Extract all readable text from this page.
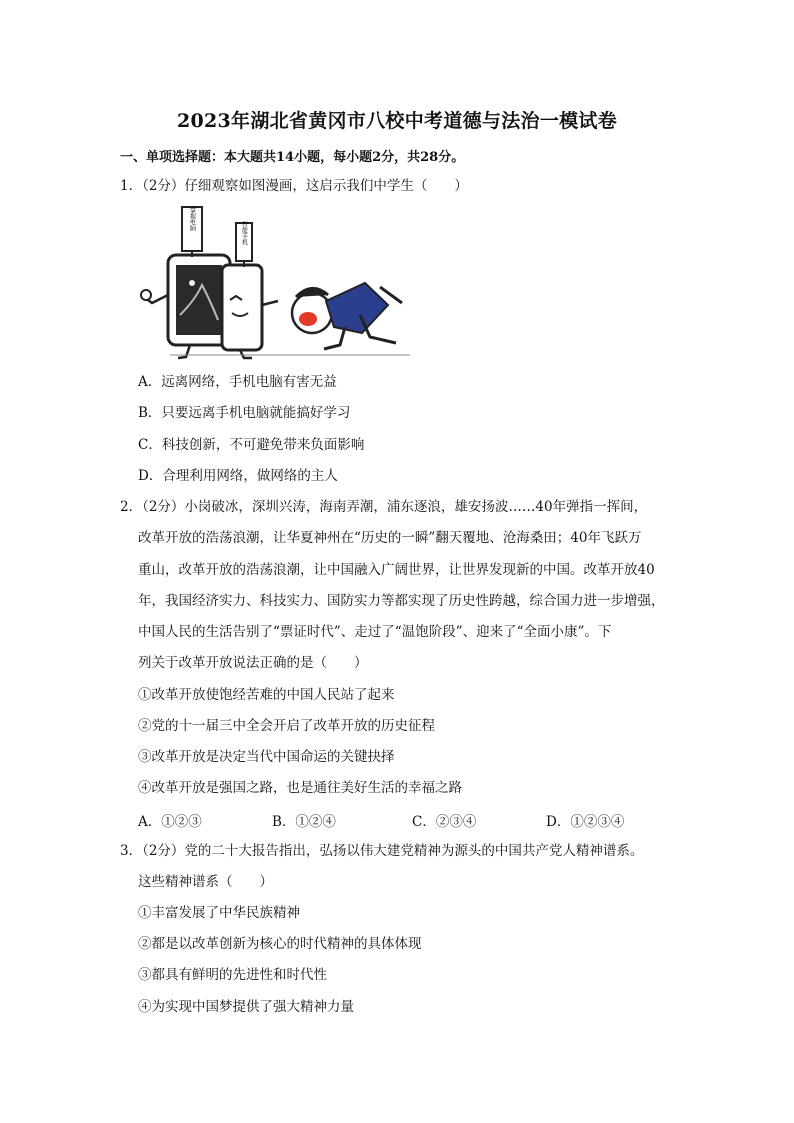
2023年湖北省黄冈市八校中考道德与法治一模试卷
一、单项选择题：本大题共14小题，每小题2分，共28分。
1．（2分）仔细观察如图漫画，这启示我们中学生（　　）
掌握电脑
智能手机
A．远离网络，手机电脑有害无益
B．只要远离手机电脑就能搞好学习
C．科技创新，不可避免带来负面影响
D．合理利用网络，做网络的主人
2．（2分）小岗破冰，深圳兴涛，海南弄潮，浦东逐浪，雄安扬波……40年弹指一挥间，
改革开放的浩荡浪潮，让华夏神州在“历史的一瞬”翻天覆地、沧海桑田；40年飞跃万
重山，改革开放的浩荡浪潮，让中国融入广阔世界，让世界发现新的中国。改革开放40
年，我国经济实力、科技实力、国防实力等都实现了历史性跨越，综合国力进一步增强，
中国人民的生活告别了“票证时代”、走过了“温饱阶段”、迎来了“全面小康”。下
列关于改革开放说法正确的是（　　）
①改革开放使饱经苦难的中国人民站了起来
②党的十一届三中全会开启了改革开放的历史征程
③改革开放是决定当代中国命运的关键抉择
④改革开放是强国之路，也是通往美好生活的幸福之路
A．①②③	B．①②④	C．②③④	D．①②③④
3．（2分）党的二十大报告指出，弘扬以伟大建党精神为源头的中国共产党人精神谱系。
这些精神谱系（　　）
①丰富发展了中华民族精神
②都是以改革创新为核心的时代精神的具体体现
③都具有鲜明的先进性和时代性
④为实现中国梦提供了强大精神力量
